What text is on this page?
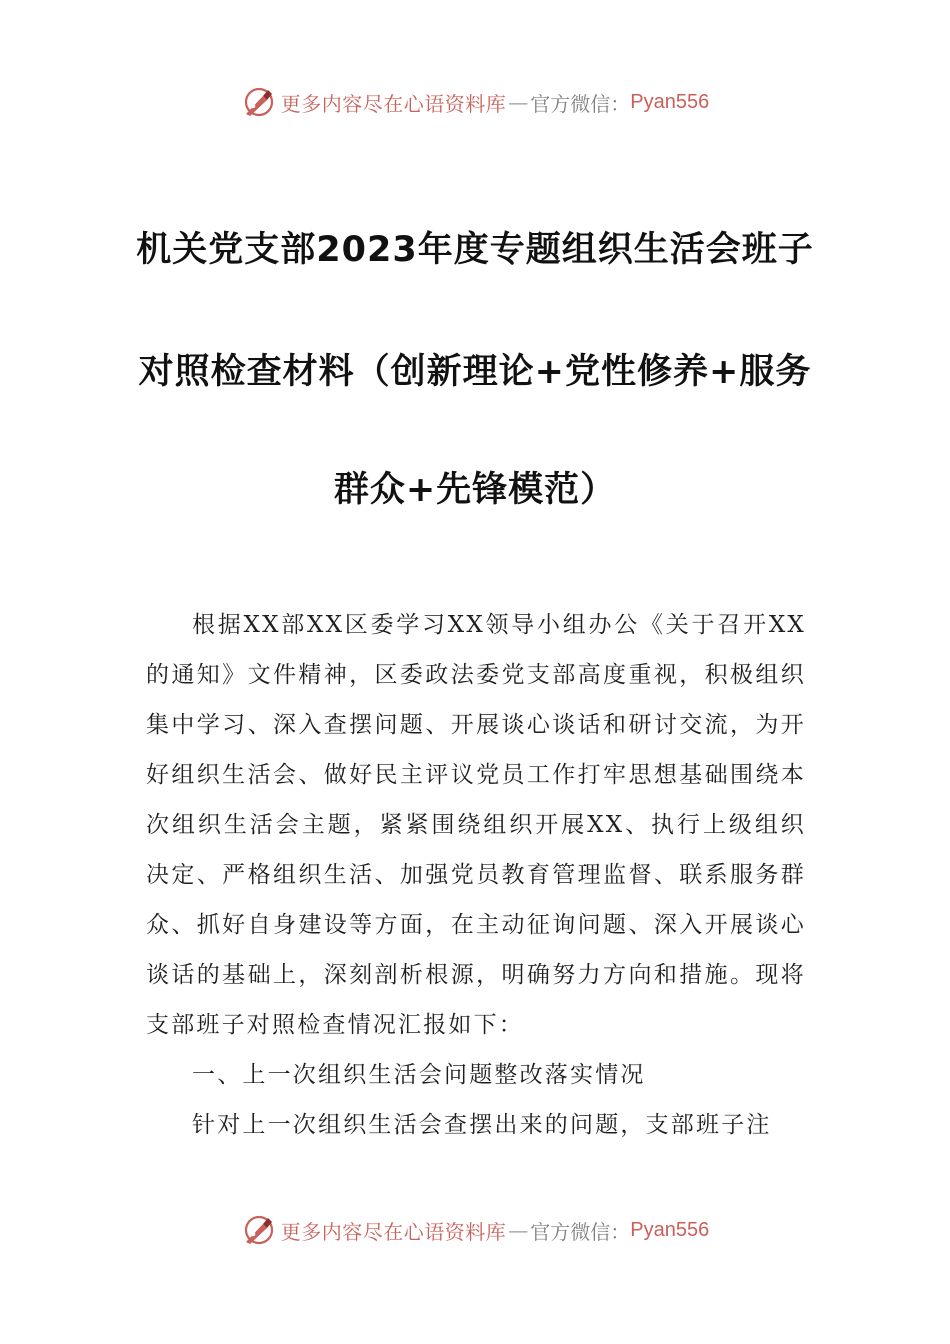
更多内容尽在心语资料库 — 官方微信： Pyan556
机关党支部2023年度专题组织生活会班子
对照检查材料（创新理论+党性修养+服务
群众+先锋模范）

根据XX部XX区委学习XX领导小组办公《关于召开XX的通知》文件精神，区委政法委党支部高度重视，积极组织集中学习、深入查摆问题、开展谈心谈话和研讨交流，为开好组织生活会、做好民主评议党员工作打牢思想基础围绕本次组织生活会主题，紧紧围绕组织开展XX、执行上级组织决定、严格组织生活、加强党员教育管理监督、联系服务群众、抓好自身建设等方面，在主动征询问题、深入开展谈心谈话的基础上，深刻剖析根源，明确努力方向和措施。现将支部班子对照检查情况汇报如下：

一、上一次组织生活会问题整改落实情况

针对上一次组织生活会查摆出来的问题，支部班子注

更多内容尽在心语资料库 — 官方微信： Pyan556
